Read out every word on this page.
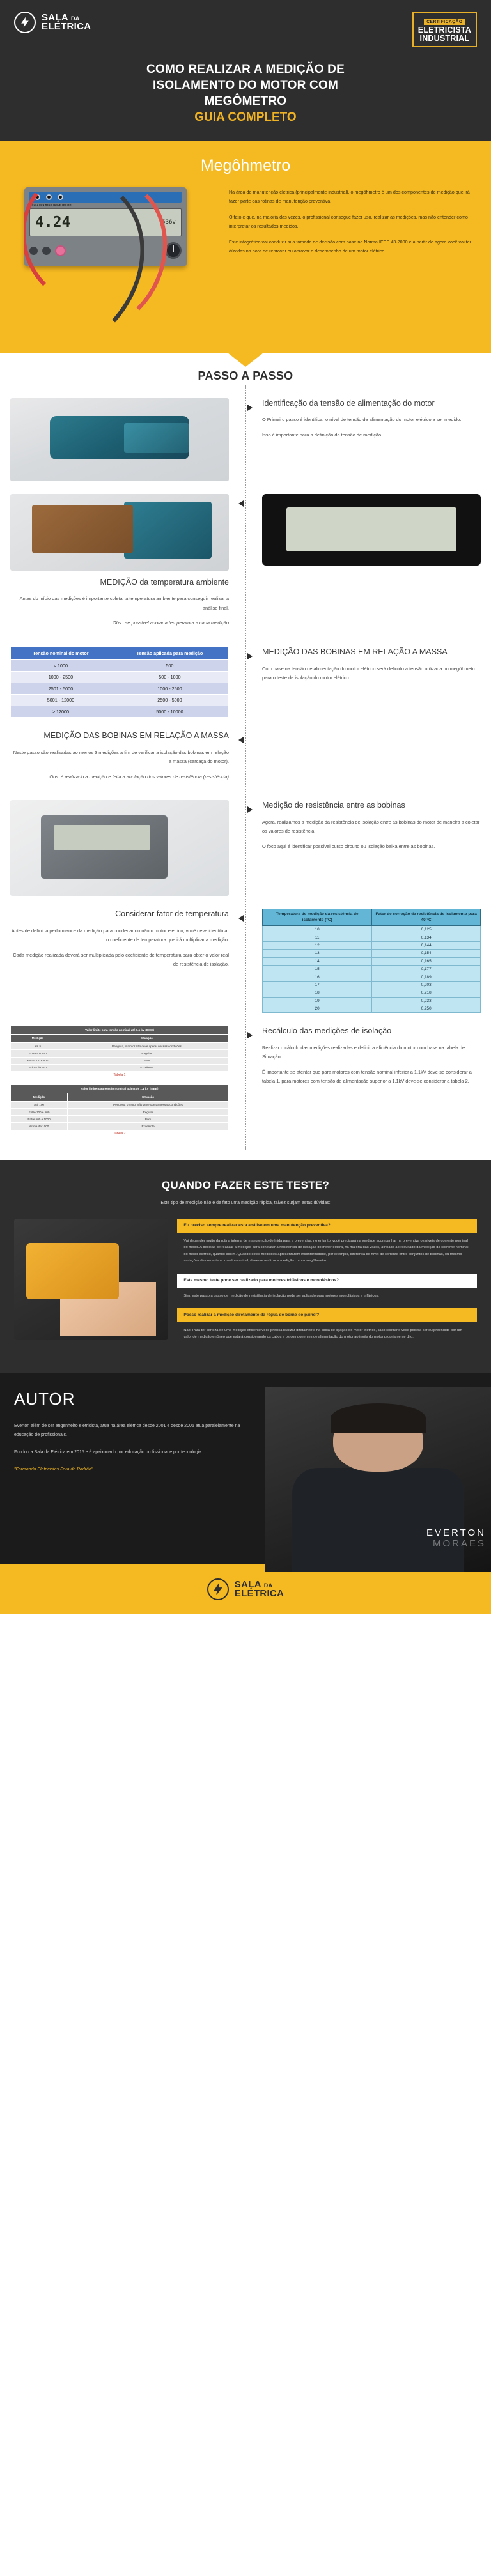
SALA DA
ELÉTRICA	CERTIFICAÇÃO
ELETRICISTA
INDUSTRIAL
COMO REALIZAR A MEDIÇÃO DE
ISOLAMENTO DO MOTOR COM
MEGÔMETRO
GUIA COMPLETO
Megôhmetro
INSULATION RESISTANCE TESTER
4.24	536v

Na área de manutenção elétrica (principalmente industrial), o megôhmetro é um dos componentes de medição que irá fazer parte das rotinas de manutenção preventiva.

O fato é que, na maioria das vezes, o profissional consegue fazer uso, realizar as medições, mas não entender como interpretar os resultados medidos.

Este infográfico vai conduzir sua tomada de decisão com base na Norma IEEE 43-2000 e a partir de agora você vai ter dúvidas na hora de reprovar ou aprovar o desempenho de um motor elétrico.

PASSO A PASSO
Identificação da tensão de alimentação do motor
O Primeiro passo é identificar o nível de tensão de alimentação do motor elétrico a ser medido.
Isso é importante para a definição da tensão de medição
MEDIÇÃO da temperatura ambiente
Antes do início das medições é importante coletar a temperatura ambiente para conseguir realizar a análise final.
Obs.: se possível anotar a temperatura a cada medição
Tensão nominal do motor	Tensão aplicada para medição
< 1000	500
1000 - 2500	500 - 1000
2501 - 5000	1000 - 2500
5001 - 12000	2500 - 5000
> 12000	5000 - 10000
MEDIÇÃO DAS BOBINAS EM RELAÇÃO A MASSA
Com base na tensão de alimentação do motor elétrico será definido a tensão utilizada no megôhmetro para o teste de isolação do motor elétrico.
MEDIÇÃO DAS BOBINAS EM RELAÇÃO A MASSA
Neste passo são realizadas ao menos 3 medições a fim de verificar a isolação das bobinas em relação a massa (carcaça do motor).
Obs: é realizado a medição e feita a anotação dos valores de resistência (resistência)
Medição de resistência entre as bobinas
Agora, realizamos a medição da resistência de isolação entre as bobinas do motor de maneira a coletar os valores de resistência.
O foco aqui é identificar possível curso circuito ou isolação baixa entre as bobinas.
Considerar fator de temperatura
Antes de definir a performance da medição para condenar ou não o motor elétrico, você deve identificar o coeficiente de temperatura que irá multiplicar a medição.
Cada medição realizada deverá ser multiplicada pelo coeficiente de temperatura para obter o valor real de resistência de isolação.
Temperatura de medição da resistência de isolamento (°C)	Fator de correção da resistência de isolamento para 40 °C
10	0,125
11	0,134
12	0,144
13	0,154
14	0,165
15	0,177
16	0,189
17	0,203
18	0,218
19	0,233
20	0,250
Valor limite para tensão nominal até 1,1 kV (IEEE)	
Medição	Situação
até 5	Perigoso, o motor não deve operar nessas condições
Entre 5 e 100	Regular
Entre 100 e 500	Bom
Acima de 500	Excelente
Tabela 1
Valor limite para tensão nominal acima de 1,1 kV (IEEE)	
Medição	Situação
Até 100	Perigoso, o motor não deve operar nessas condições
Entre 100 e 500	Regular
Entre 500 e 1000	Bom
Acima de 1000	Excelente
Tabela 2
Recálculo das medições de isolação
Realizar o cálculo das medições realizadas e definir a eficiência do motor com base na tabela de Situação.
É importante se atentar que para motores com tensão nominal inferior a 1,1kV deve-se considerar a tabela 1, para motores com tensão de alimentação superior a 1,1kV deve-se considerar a tabela 2.
QUANDO FAZER ESTE TESTE?
Este tipo de medição não é de fato uma medição rápida, talvez surjam estas dúvidas:
Eu preciso sempre realizar esta análise em uma manutenção preventiva?
Vai depender muito da rotina interna de manutenção definida para a preventiva, no entanto, você precisará na verdade acompanhar na preventiva os níveis de corrente nominal do motor. A decisão de realizar a medição para constatar a resistência de isolação do motor estará, na maioria das vezes, atrelada ao resultado da medição da corrente nominal do motor elétrico, quando assim. Quando estes medições apresentarem inconformidade, por exemplo, diferença do nível de corrente entre conjuntos de bobinas, ou mesmo variações de corrente acima do nominal, deve-se realizar a medição com o megôhmetro.
Este mesmo teste pode ser realizado para motores trifásicos e monofásicos?
Sim, este passo a passo de medição de resistência de isolação pode ser aplicado para motores monofásicos e trifásicos.
Posso realizar a medição diretamente da régua de borne do painel?
Não! Para ter certeza de uma medição eficiente você precisa realizar diretamente na caixa de ligação do motor elétrico, caso contrário você poderá ser surpreendido por um valor de medição errôneo que estará considerando os cabos e os componentes de alimentação do motor ao invés do motor propriamente dito.
AUTOR

Everton além de ser engenheiro eletricista, atua na área elétrica desde 2001 e desde 2005 atua paralelamente na educação de profissionais.

Fundou a Sala da Elétrica em 2015 e é apaixonado por educação profissional e por tecnologia.

"Formando Eletricistas Fora do Padrão"
EVERTON
MORAES
SALA DA
ELÉTRICA
